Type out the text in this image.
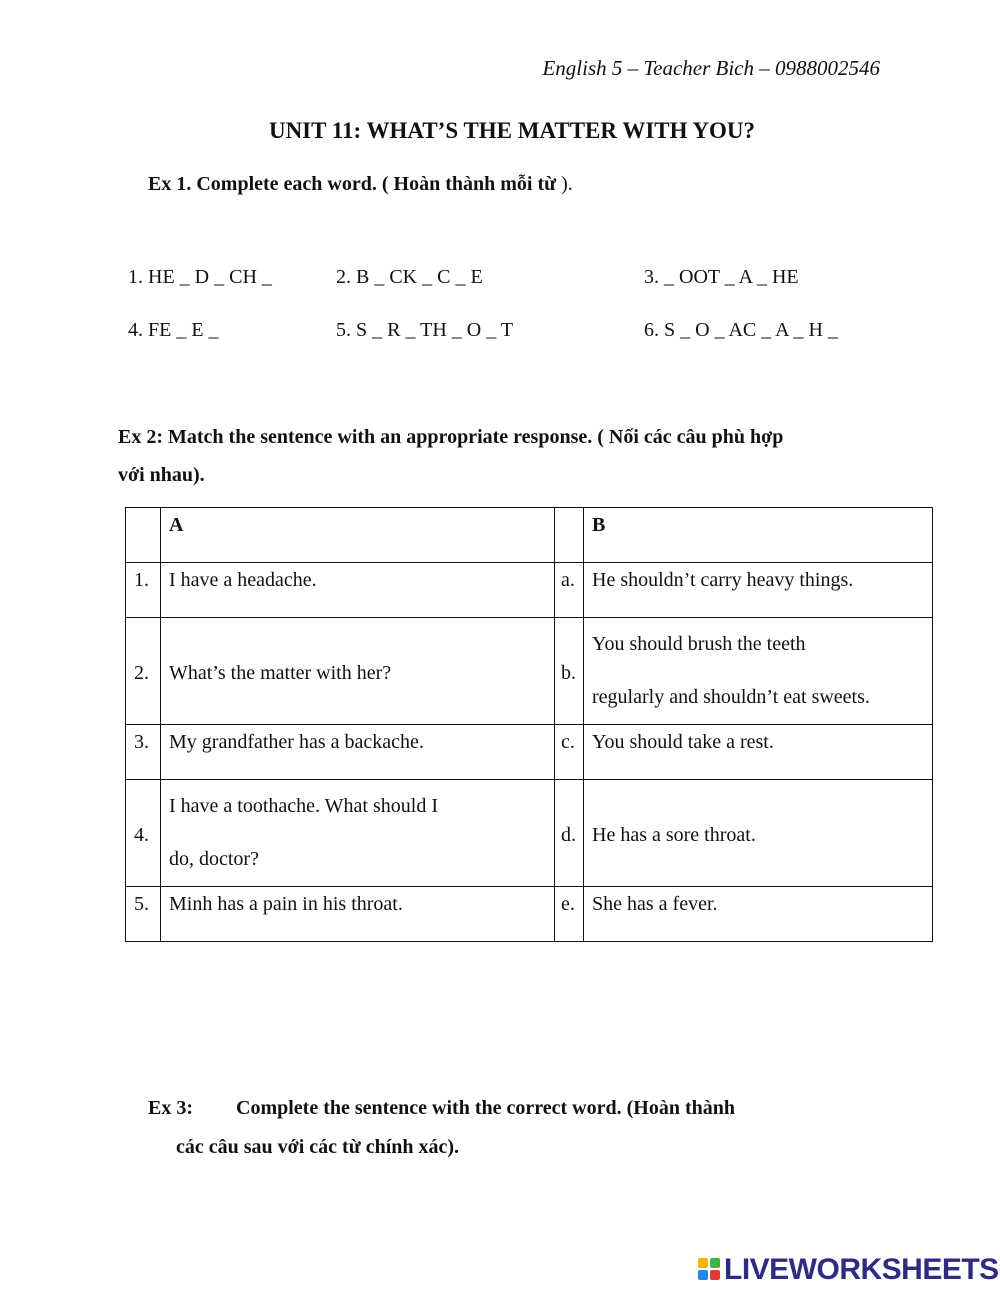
English 5 – Teacher Bich – 0988002546
UNIT 11: WHAT’S THE MATTER WITH YOU?
Ex 1. Complete each word. ( Hoàn thành mỗi từ ).
1. HE _ D _ CH _	2. B _ CK _ C _ E	3. _ OOT _ A _ HE
4. FE _ E _	5. S _ R _ TH _ O _ T	6. S _ O _ AC _ A _ H _
Ex 2: Match the sentence with an appropriate response. ( Nối các câu phù hợp
với nhau).
	A		B
1.	I have a headache.	a.	He shouldn’t carry heavy things.
2.	What’s the matter with her?	b.	You should brush the teeth
regularly and shouldn’t eat sweets.

3.	My grandfather has a backache.	c.	You should take a rest.
4.	I have a toothache. What should I
do, doctor?	d.	He has a sore throat.
5.	Minh has a pain in his throat.	e.	She has a fever.
Ex 3: Complete the sentence with the correct word. (Hoàn thành
các câu sau với các từ chính xác).
LIVEWORKSHEETS
